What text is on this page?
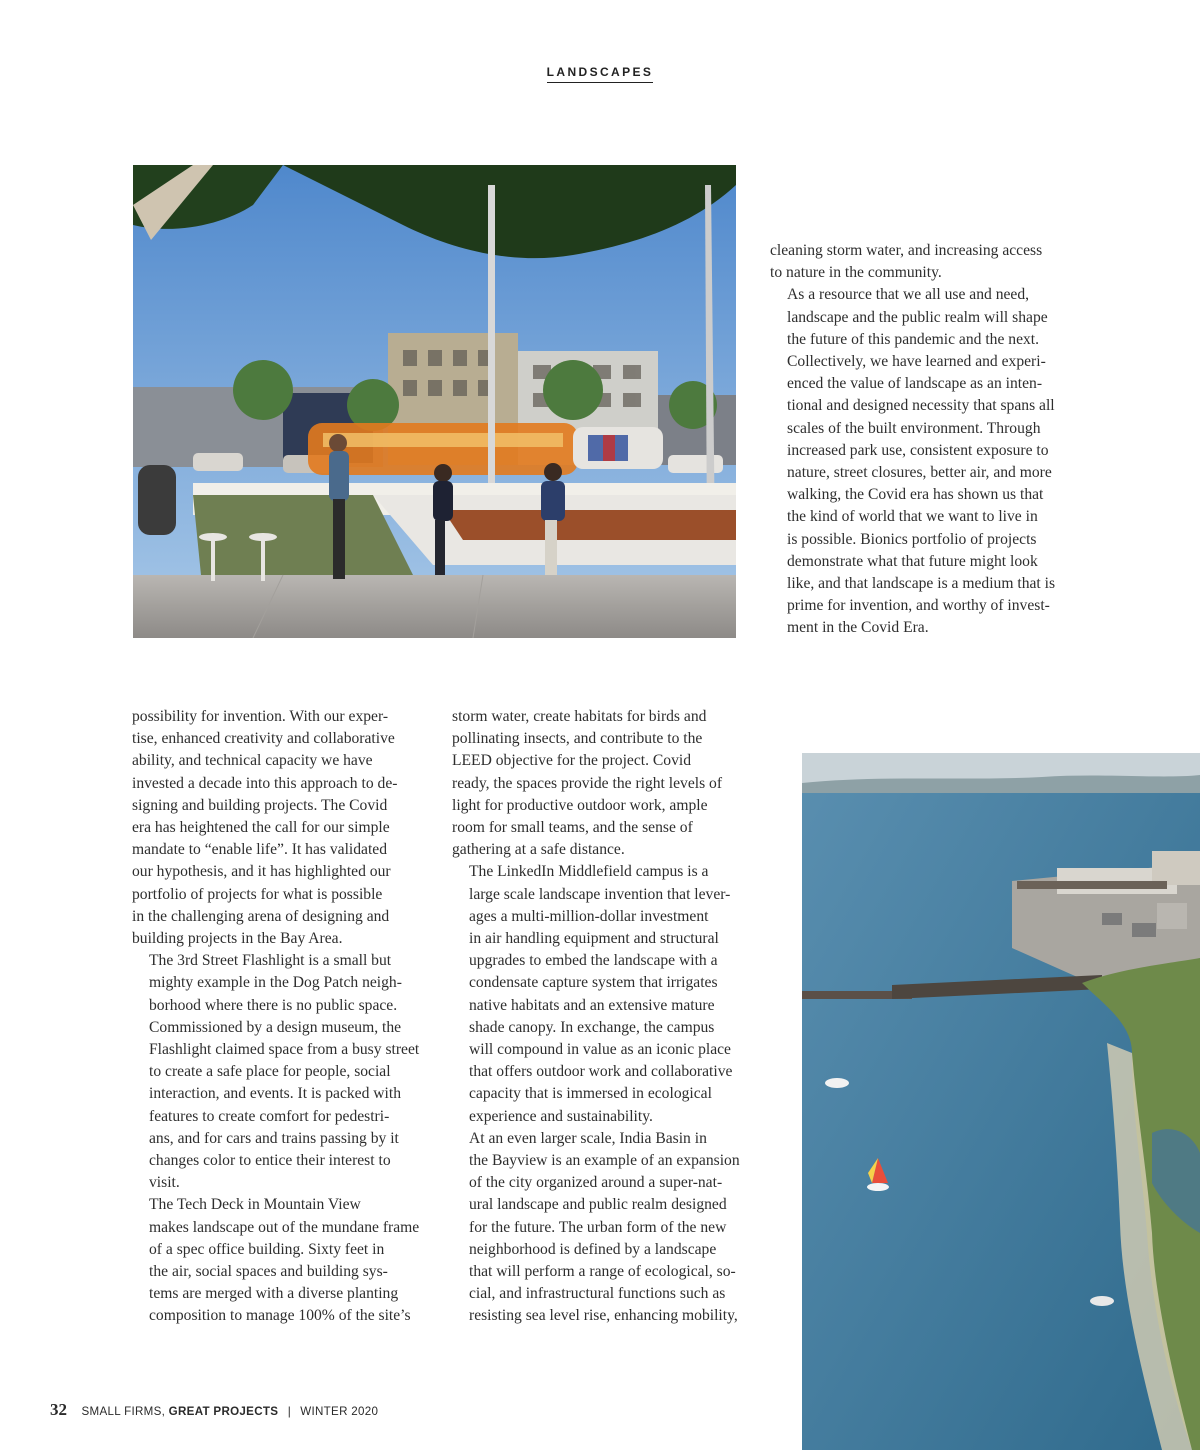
LANDSCAPES

cleaning storm water, and increasing access
to nature in the community.

As a resource that we all use and need,
landscape and the public realm will shape
the future of this pandemic and the next.
Collectively, we have learned and experi-
enced the value of landscape as an inten-
tional and designed necessity that spans all
scales of the built environment. Through
increased park use, consistent exposure to
nature, street closures, better air, and more
walking, the Covid era has shown us that
the kind of world that we want to live in
is possible. Bionics portfolio of projects
demonstrate what that future might look
like, and that landscape is a medium that is
prime for invention, and worthy of invest-
ment in the Covid Era.

possibility for invention. With our exper-
tise, enhanced creativity and collaborative
ability, and technical capacity we have
invested a decade into this approach to de-
signing and building projects. The Covid
era has heightened the call for our simple
mandate to “enable life”. It has validated
our hypothesis, and it has highlighted our
portfolio of projects for what is possible
in the challenging arena of designing and
building projects in the Bay Area.

The 3rd Street Flashlight is a small but
mighty example in the Dog Patch neigh-
borhood where there is no public space.
Commissioned by a design museum, the
Flashlight claimed space from a busy street
to create a safe place for people, social
interaction, and events. It is packed with
features to create comfort for pedestri-
ans, and for cars and trains passing by it
changes color to entice their interest to
visit.

The Tech Deck in Mountain View
makes landscape out of the mundane frame
of a spec office building. Sixty feet in
the air, social spaces and building sys-
tems are merged with a diverse planting
composition to manage 100% of the site’s

storm water, create habitats for birds and
pollinating insects, and contribute to the
LEED objective for the project. Covid
ready, the spaces provide the right levels of
light for productive outdoor work, ample
room for small teams, and the sense of
gathering at a safe distance.

The LinkedIn Middlefield campus is a
large scale landscape invention that lever-
ages a multi-million-dollar investment
in air handling equipment and structural
upgrades to embed the landscape with a
condensate capture system that irrigates
native habitats and an extensive mature
shade canopy. In exchange, the campus
will compound in value as an iconic place
that offers outdoor work and collaborative
capacity that is immersed in ecological
experience and sustainability.

At an even larger scale, India Basin in
the Bayview is an example of an expansion
of the city organized around a super-nat-
ural landscape and public realm designed
for the future. The urban form of the new
neighborhood is defined by a landscape
that will perform a range of ecological, so-
cial, and infrastructural functions such as
resisting sea level rise, enhancing mobility,

32 SMALL FIRMS, GREAT PROJECTS | WINTER 2020
